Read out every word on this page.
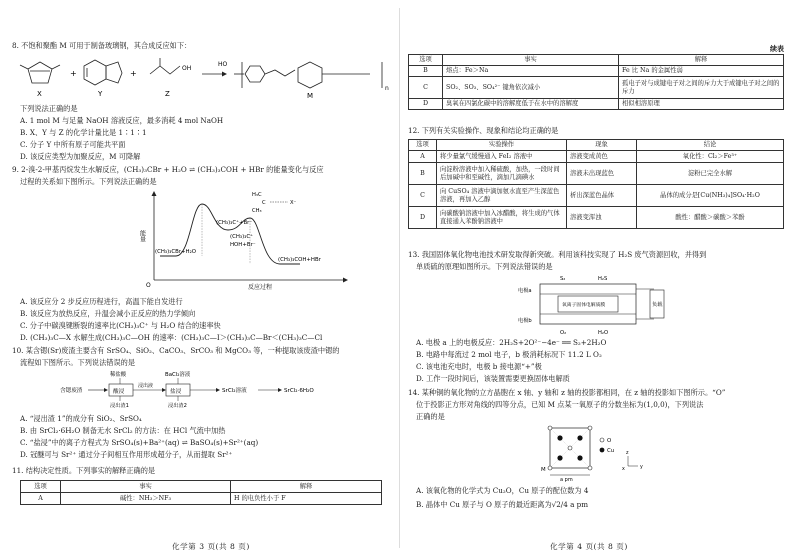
8. 不饱和聚酯 M 可用于制备玻璃钢，其合成反应如下：
X
+
Y
+
OH
Z
HO
M
n
下列说法正确的是
A. 1 mol M 与足量 NaOH 溶液反应，最多消耗 4 mol NaOH
B. X、Y 与 Z 的化学计量比是 1∶1∶1
C. 分子 Y 中所有原子可能共平面
D. 该反应类型为加聚反应，M 可降解
9. 2-溴-2-甲基丙烷发生水解反应，(CH₃)₃CBr + H₂O ⇌ (CH₃)₃COH + HBr 的能量变化与反应
过程的关系如下图所示。下列说法正确的是
O
能量
反应过程
(CH₃)₃CBr+H₂O
(CH₃)₃C⁺+Br⁻
(CH₃)₃C⁺
HOH+Br⁻
(CH₃)₃COH+HBr
H₃C
C
CH₃
X⁻
A. 该反应分 2 步反应历程进行，高温下能自发进行
B. 该反应为放热反应，升温会减小正反应的热力学倾向
C. 分子中碳溴键断裂的速率比(CH₃)₃C⁺ 与 H₂O 结合的速率快
D. (CH₃)₃C—X 水解生成(CH₃)₃C—OH 的速率：(CH₃)₃C—I＞(CH₃)₃C—Br＜(CH₃)₃C—Cl
10. 某含锶(Sr)废渣主要含有 SrSO₄、SiO₂、CaCO₃、SrCO₃ 和 MgCO₃ 等，一种提取该废渣中锶的
流程如下图所示。下列说法错误的是
含锶废渣
稀盐酸
酸浸
浸出液
浸出渣1
BaCl₂溶液
盐浸
浸出渣2
SrCl₂溶液	SrCl₂·6H₂O
A. “浸出渣 1”的成分有 SiO₂、SrSO₄
B. 由 SrCl₂·6H₂O 制备无水 SrCl₂ 的方法：在 HCl 气流中加热
C. “盐浸”中的离子方程式为 SrSO₄(s)+Ba²⁺(aq) ⇌ BaSO₄(s)+Sr²⁺(aq)
D. 冠醚可与 Sr²⁺ 通过分子间相互作用形成超分子，从而提取 Sr²⁺
11. 结构决定性质。下列事实的解释正确的是
选项	事实	解释
A	碱性：NH₃＞NF₃	H 的电负性小于 F
化学第 3 页(共 8 页)
续表
选项	事实	解释
B	熔点：Fe＞Na	Fe 比 Na 的金属性弱
C	SO₂、SO₃、SO₄²⁻ 键角依次减小	孤电子对与成键电子对之间的斥力大于成键电子对之间的斥力
D	臭氧在四氯化碳中的溶解度低于在水中的溶解度	相似相溶原理
12. 下列有关实验操作、现象和结论均正确的是
选项	实验操作	现象	结论
A	将少量氯气缓慢通入 FeI₂ 溶液中	溶液变成黄色	氧化性：Cl₂＞Fe³⁺
B	向淀粉溶液中加入稀硫酸，加热，一段时间后加碱中和至碱性，滴加几滴碘水	溶液未出现蓝色	淀粉已完全水解
C	向 CuSO₄ 溶液中滴加氨水直至产生深蓝色溶液，再加入乙醇	析出深蓝色晶体	晶体的成分是[Cu(NH₃)₄]SO₄·H₂O
D	向碳酸钠溶液中加入冰醋酸，将生成的气体直接通入苯酚钠溶液中	溶液变浑浊	酸性：醋酸＞碳酸＞苯酚
13. 我国固体氧化物电池技术研发取得新突破。利用该科技实现了 H₂S 废气资源回收，并得到
单质硫的原理如图所示。下列说法错误的是
氧离子固体电解质膜
电极a
电极b
S₂	H₂S
O₂	H₂O
负载
A. 电极 a 上的电极反应：2H₂S+2O²⁻−4e⁻ ══ S₂+2H₂O
B. 电路中每流过 2 mol 电子，b 极消耗标况下 11.2 L O₂
C. 该电池充电时，电极 b 接电源“+”极
D. 工作一段时间后，该装置需要更换固体电解质
14. 某种铜的氧化物的立方晶胞在 x 轴、y 轴和 z 轴的投影都相同，在 z 轴的投影如下图所示。“O”
位于投影正方形对角线的四等分点，已知 M 点某一氧原子的分数坐标为(1,0,0)，下列说法
正确的是
M
a pm
O
Cu z
y
x
A. 该氧化物的化学式为 Cu₂O，Cu 原子的配位数为 4
B. 晶体中 Cu 原子与 O 原子的最近距离为√2/4 a pm
化学第 4 页(共 8 页)
